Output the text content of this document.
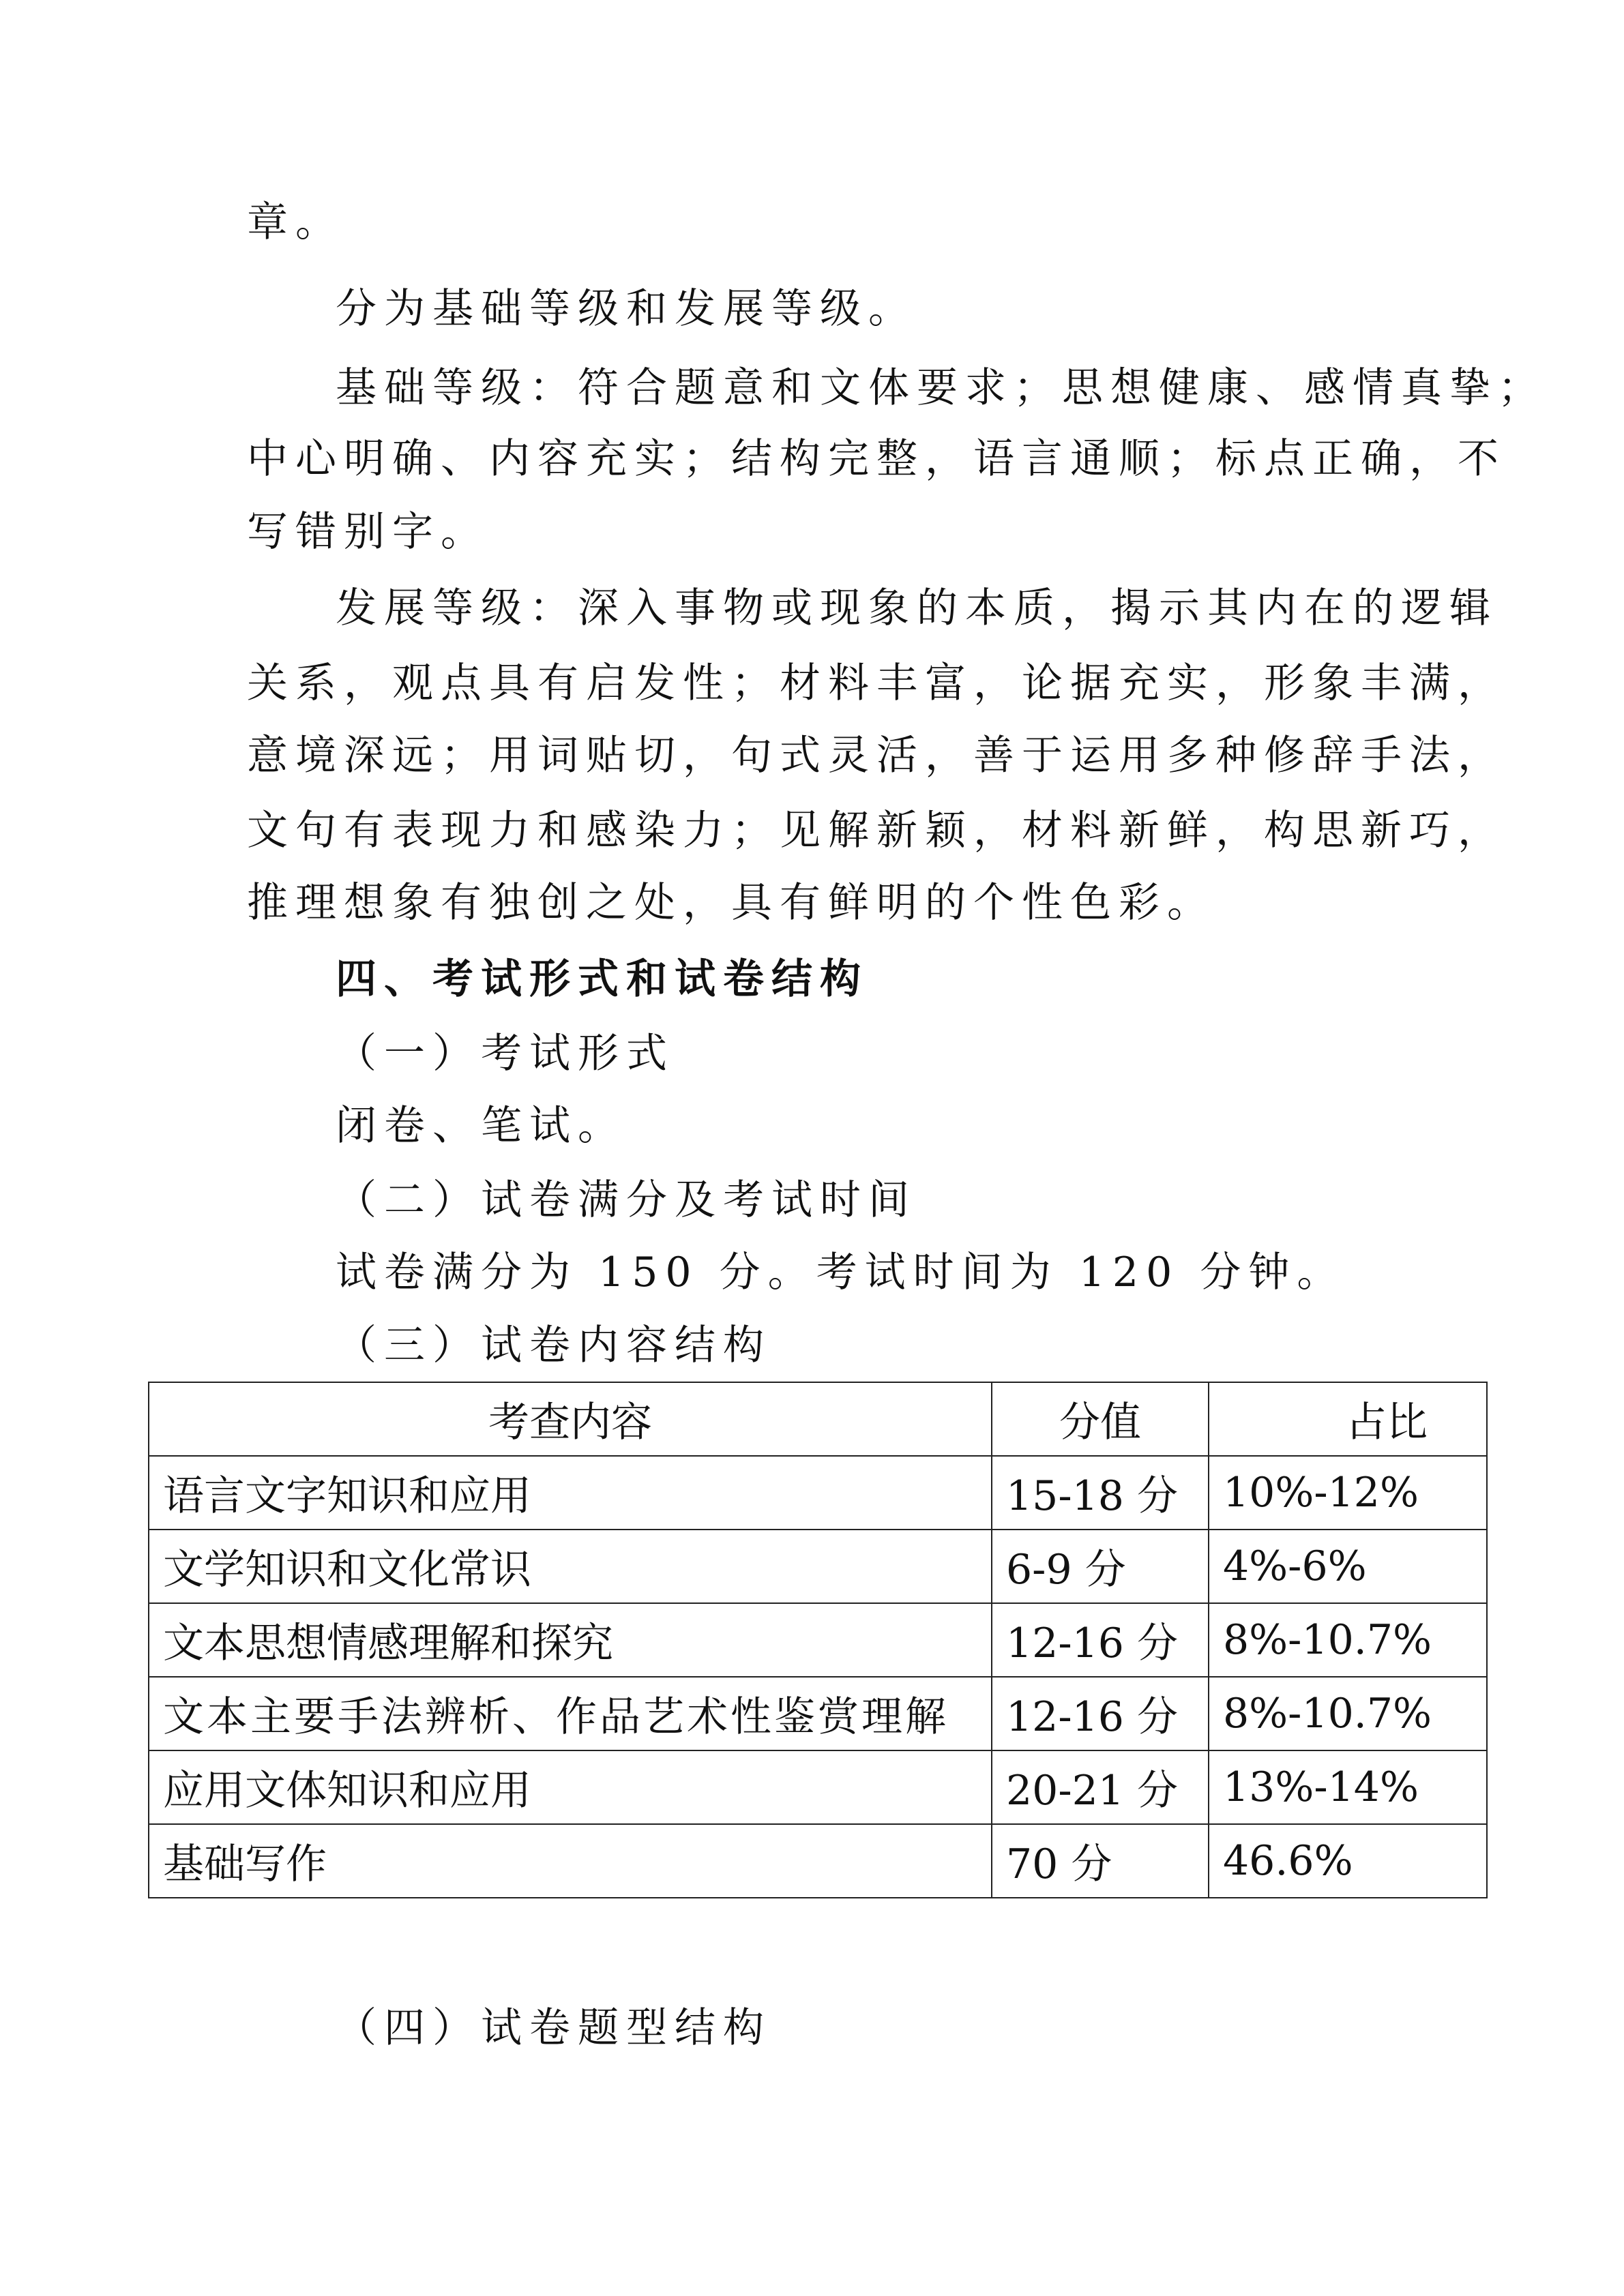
章。
分为基础等级和发展等级。
基础等级：符合题意和文体要求；思想健康、感情真挚；
中心明确、内容充实；结构完整，语言通顺；标点正确，不
写错别字。
发展等级：深入事物或现象的本质，揭示其内在的逻辑
关系，观点具有启发性；材料丰富，论据充实，形象丰满，
意境深远；用词贴切，句式灵活，善于运用多种修辞手法，
文句有表现力和感染力；见解新颖，材料新鲜，构思新巧，
推理想象有独创之处，具有鲜明的个性色彩。
四、考试形式和试卷结构
（一）考试形式
闭卷、笔试。
（二）试卷满分及考试时间
试卷满分为 150 分。考试时间为 120 分钟。
（三）试卷内容结构
考查内容	分值	占比
语言文字知识和应用	15-18 分	10%-12%
文学知识和文化常识	6-9 分	4%-6%
文本思想情感理解和探究	12-16 分	8%-10.7%
文本主要手法辨析、作品艺术性鉴赏理解	12-16 分	8%-10.7%
应用文体知识和应用	20-21 分	13%-14%
基础写作	70 分	46.6%
（四）试卷题型结构
